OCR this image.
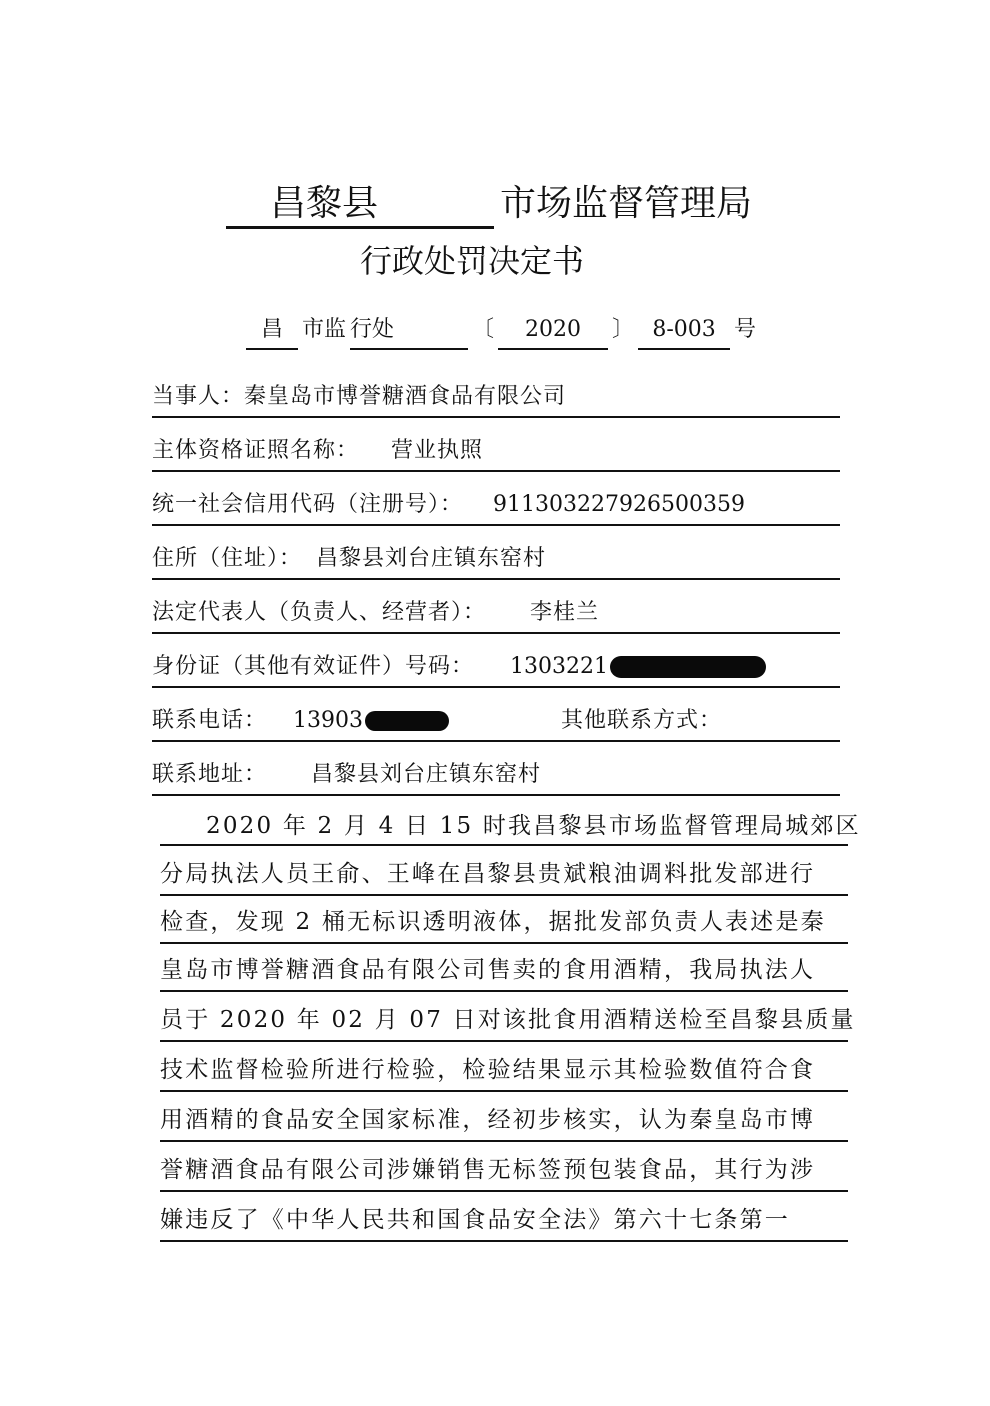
昌黎县	市场监督管理局
行政处罚决定书
昌 市监 行处	〔 2020 〕 8-003 号
当事人：秦皇岛市博誉糖酒食品有限公司
主体资格证照名称： 营业执照
统一社会信用代码（注册号）： 911303227926500359
住所（住址）： 昌黎县刘台庄镇东窑村
法定代表人（负责人、经营者）： 李桂兰
身份证（其他有效证件）号码： 1303221
联系电话： 13903	其他联系方式：
联系地址： 昌黎县刘台庄镇东窑村
2020 年 2 月 4 日 15 时我昌黎县市场监督管理局城郊区
分局执法人员王俞、王峰在昌黎县贵斌粮油调料批发部进行
检查，发现 2 桶无标识透明液体，据批发部负责人表述是秦
皇岛市博誉糖酒食品有限公司售卖的食用酒精，我局执法人
员于 2020 年 02 月 07 日对该批食用酒精送检至昌黎县质量
技术监督检验所进行检验，检验结果显示其检验数值符合食
用酒精的食品安全国家标准，经初步核实，认为秦皇岛市博
誉糖酒食品有限公司涉嫌销售无标签预包装食品，其行为涉
嫌违反了《中华人民共和国食品安全法》第六十七条第一
